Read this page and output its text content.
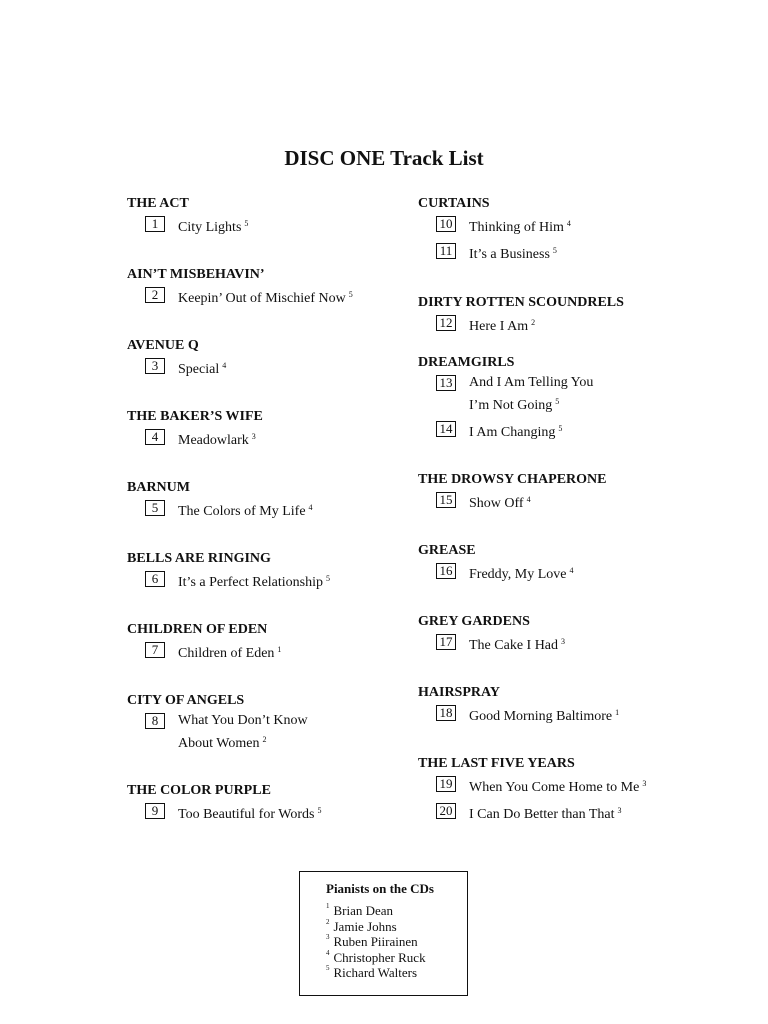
DISC ONE Track List
THE ACT
1	City Lights $^5$
AIN’T MISBEHAVIN’
2	Keepin’ Out of Mischief Now $^5$
AVENUE Q
3	Special $^4$
THE BAKER’S WIFE
4	Meadowlark $^3$
BARNUM
5	The Colors of My Life $^4$
BELLS ARE RINGING
6	It’s a Perfect Relationship $^5$
CHILDREN OF EDEN
7	Children of Eden $^1$
CITY OF ANGELS
8	What You Don’t Know
About Women $^2$
THE COLOR PURPLE
9	Too Beautiful for Words $^5$
CURTAINS
10 Thinking of Him $^4$
11 It’s a Business $^5$
DIRTY ROTTEN SCOUNDRELS
12 Here I Am $^2$
DREAMGIRLS
13 And I Am Telling You
I’m Not Going $^5$
14 I Am Changing $^5$
THE DROWSY CHAPERONE
15 Show Off $^4$
GREASE
16 Freddy, My Love $^4$
GREY GARDENS
17 The Cake I Had $^3$
HAIRSPRAY
18 Good Morning Baltimore $^1$
THE LAST FIVE YEARS
19 When You Come Home to Me $^3$
20 I Can Do Better than That $^3$
Pianists on the CDs
1 Brian Dean
2 Jamie Johns
3 Ruben Piirainen
4 Christopher Ruck
5 Richard Walters
